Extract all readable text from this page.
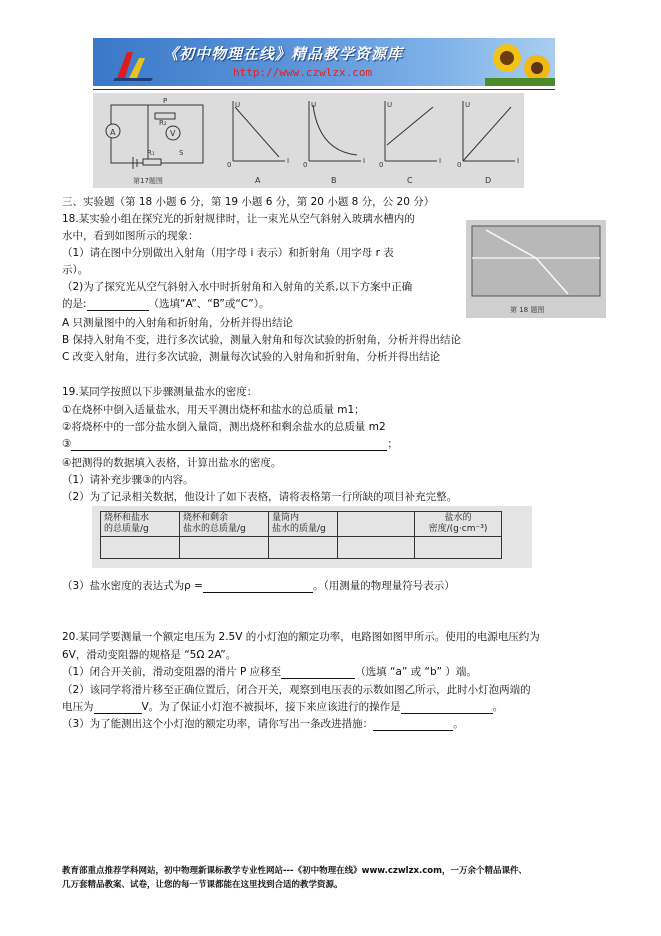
《初中物理在线》精品教学资源库
http://www.czwlzx.com
A	V
P
R₂
R₁	S
第17题图
U
I
0
U
I
0
U
I
0
U
I
0
A	B	C	D
三、实验题（第 18 小题 6 分，第 19 小题 6 分，第 20 小题 8 分，公 20 分）
18.某实验小组在探究光的折射规律时，让一束光从空气斜射入玻璃水槽内的
水中，看到如图所示的现象：
（1）请在图中分别做出入射角（用字母 i 表示）和折射角（用字母 r 表
示）。
（2)为了探究光从空气斜射入水中时折射角和入射角的关系,以下方案中正确
的是:	（选填“A”、“B”或“C”）。
A 只测量图中的入射角和折射角，分析并得出结论
B 保持入射角不变，进行多次试验，测量入射角和每次试验的折射角，分析并得出结论
C 改变入射角，进行多次试验，测量每次试验的入射角和折射角，分析并得出结论
第 18 题图
19.某同学按照以下步骤测量盐水的密度：
①在烧杯中倒入适量盐水，用天平测出烧杯和盐水的总质量 m1；
②将烧杯中的一部分盐水倒入量筒，测出烧杯和剩余盐水的总质量 m2
③	；
④把测得的数据填入表格，计算出盐水的密度。
（1）请补充步骤③的内容。
（2）为了记录相关数据，他设计了如下表格，请将表格第一行所缺的项目补充完整。
烧杯和盐水
的总质量/g	烧杯和剩余
盐水的总质量/g	量筒内
盐水的质量/g		盐水的
密度/(g·cm⁻³)

（3）盐水密度的表达式为ρ =	。（用测量的物理量符号表示）
20.某同学要测量一个额定电压为 2.5V 的小灯泡的额定功率，电路图如图甲所示。使用的电源电压约为
6V，滑动变阻器的规格是 “5Ω 2A”。
（1）闭合开关前，滑动变阻器的滑片 P 应移至	（选填 “a” 或 “b” ）端。
（2）该同学将滑片移至正确位置后，闭合开关，观察到电压表的示数如图乙所示，此时小灯泡两端的
电压为	V。为了保证小灯泡不被损坏，接下来应该进行的操作是	。
（3）为了能测出这个小灯泡的额定功率，请你写出一条改进措施：	。
教育部重点推荐学科网站，初中物理新课标教学专业性网站---《初中物理在线》www.czwlzx.com，一万余个精品课件、
几万套精品教案、试卷，让您的每一节课都能在这里找到合适的教学资源。
